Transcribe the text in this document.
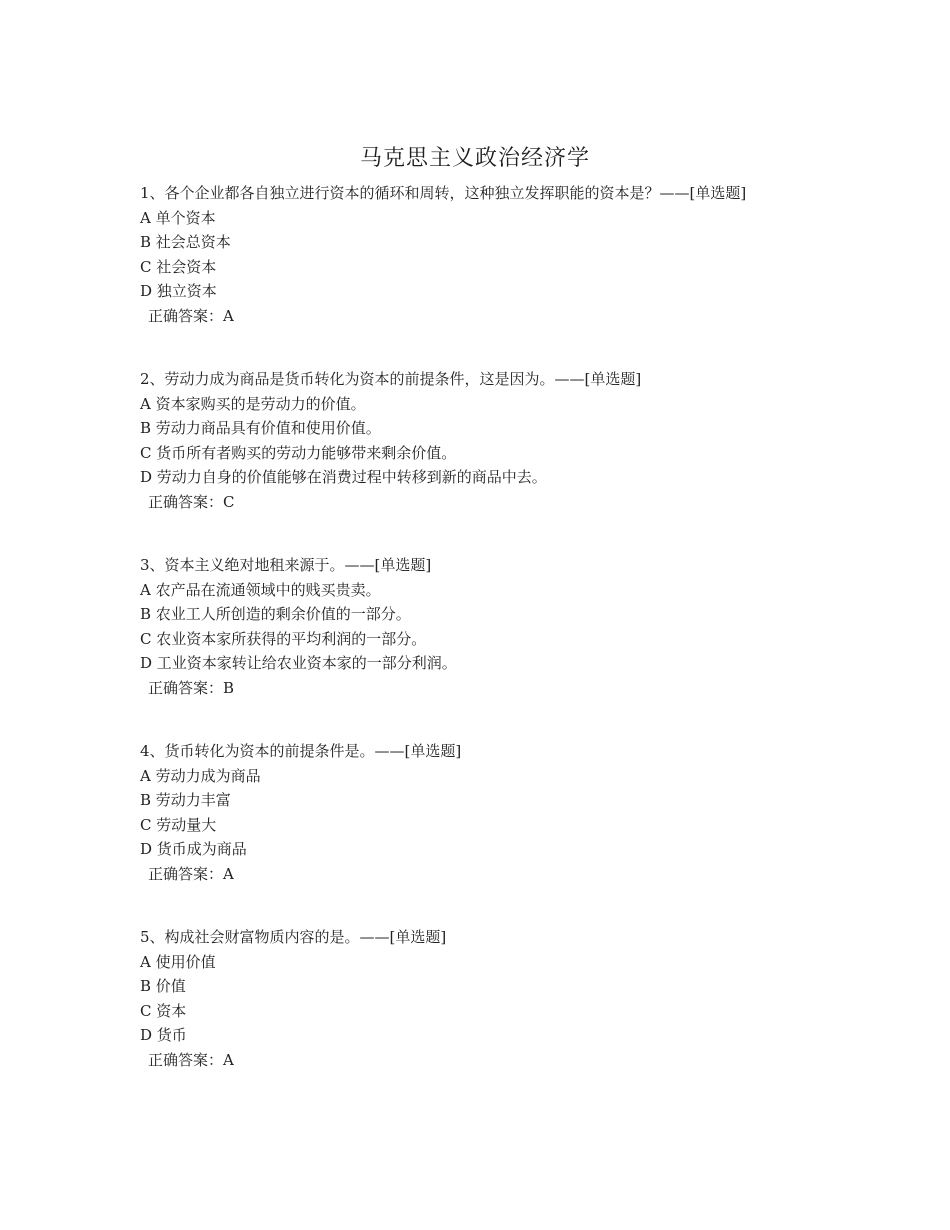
马克思主义政治经济学
1、各个企业都各自独立进行资本的循环和周转，这种独立发挥职能的资本是？——[单选题]
A 单个资本
B 社会总资本
C 社会资本
D 独立资本
正确答案：A
2、劳动力成为商品是货币转化为资本的前提条件，这是因为。——[单选题]
A 资本家购买的是劳动力的价值。
B 劳动力商品具有价值和使用价值。
C 货币所有者购买的劳动力能够带来剩余价值。
D 劳动力自身的价值能够在消费过程中转移到新的商品中去。
正确答案：C
3、资本主义绝对地租来源于。——[单选题]
A 农产品在流通领域中的贱买贵卖。
B 农业工人所创造的剩余价值的一部分。
C 农业资本家所获得的平均利润的一部分。
D 工业资本家转让给农业资本家的一部分利润。
正确答案：B
4、货币转化为资本的前提条件是。——[单选题]
A 劳动力成为商品
B 劳动力丰富
C 劳动量大
D 货币成为商品
正确答案：A
5、构成社会财富物质内容的是。——[单选题]
A 使用价值
B 价值
C 资本
D 货币
正确答案：A
